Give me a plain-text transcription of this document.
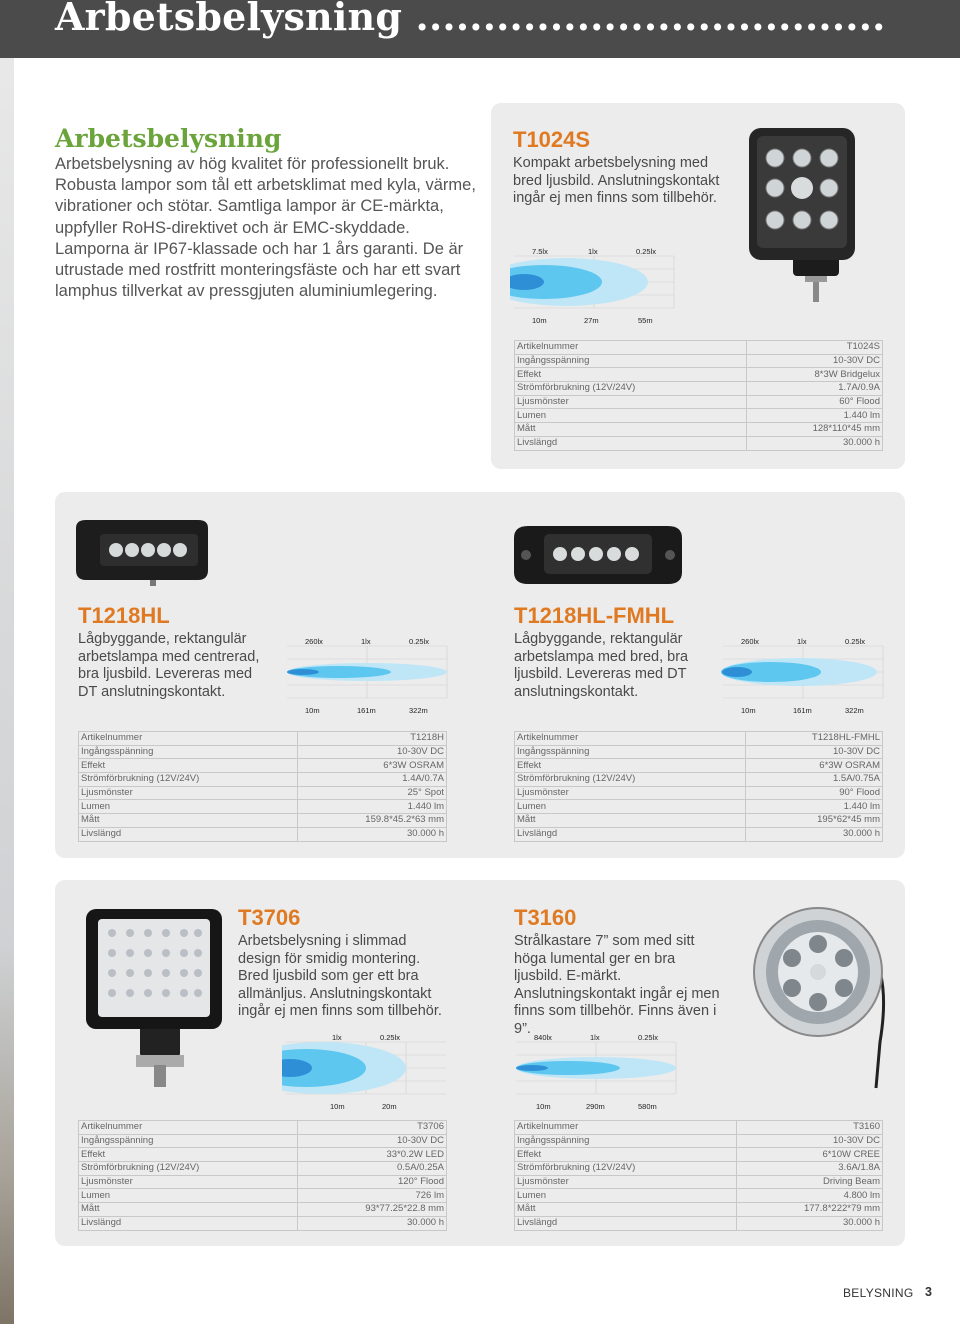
Arbetsbelysning ...................................
Arbetsbelysning
Arbetsbelysning av hög kvalitet för professionellt bruk. Robusta lampor som tål ett arbetsklimat med kyla, värme, vibrationer och stötar. Samtliga lampor är CE-märkta, uppfyller RoHS-direktivet och är EMC-skyddade. Lamporna är IP67-klassade och har 1 års garanti. De är utrustade med rostfritt monteringsfäste och har ett svart lamphus tillverkat av pressgjuten aluminiumlegering.
T1024S
Kompakt arbetsbelysning med bred ljusbild. Anslutningskontakt ingår ej men finns som tillbehör.
7.5lx	1lx	0.25lx
10m	27m	55m
Artikelnummer	T1024S
Ingångsspänning	10-30V DC
Effekt	8*3W Bridgelux
Strömförbrukning (12V/24V)	1.7A/0.9A
Ljusmönster	60° Flood
Lumen	1.440 lm
Mått	128*110*45 mm
Livslängd	30.000 h
T1218HL
Lågbyggande, rektangulär arbetslampa med centrerad, bra ljusbild. Levereras med DT anslutningskontakt.
260lx	1lx	0.25lx
10m	161m	322m
Artikelnummer	T1218H
Ingångsspänning	10-30V DC
Effekt	6*3W OSRAM
Strömförbrukning (12V/24V)	1.4A/0.7A
Ljusmönster	25° Spot
Lumen	1.440 lm
Mått	159.8*45.2*63 mm
Livslängd	30.000 h
T1218HL-FMHL
Lågbyggande, rektangulär arbetslampa med bred, bra ljusbild. Levereras med DT anslutningskontakt.
260lx	1lx	0.25lx
10m	161m	322m
Artikelnummer	T1218HL-FMHL
Ingångsspänning	10-30V DC
Effekt	6*3W OSRAM
Strömförbrukning (12V/24V)	1.5A/0.75A
Ljusmönster	90° Flood
Lumen	1.440 lm
Mått	195*62*45 mm
Livslängd	30.000 h
T3706
Arbetsbelysning i slimmad design för smidig montering. Bred ljusbild som ger ett bra allmänljus. Anslutningskontakt ingår ej men finns som tillbehör.
1lx	0.25lx
10m	20m
Artikelnummer	T3706
Ingångsspänning	10-30V DC
Effekt	33*0.2W LED
Strömförbrukning (12V/24V)	0.5A/0.25A
Ljusmönster	120° Flood
Lumen	726 lm
Mått	93*77.25*22.8 mm
Livslängd	30.000 h
T3160
Strålkastare 7” som med sitt höga lumental ger en bra ljusbild. E-märkt. Anslutningskontakt ingår ej men finns som tillbehör. Finns även i 9”.
840lx	1lx	0.25lx
10m	290m	580m
Artikelnummer	T3160
Ingångsspänning	10-30V DC
Effekt	6*10W CREE
Strömförbrukning (12V/24V)	3.6A/1.8A
Ljusmönster	Driving Beam
Lumen	4.800 lm
Mått	177.8*222*79 mm
Livslängd	30.000 h
BELYSNING 3
